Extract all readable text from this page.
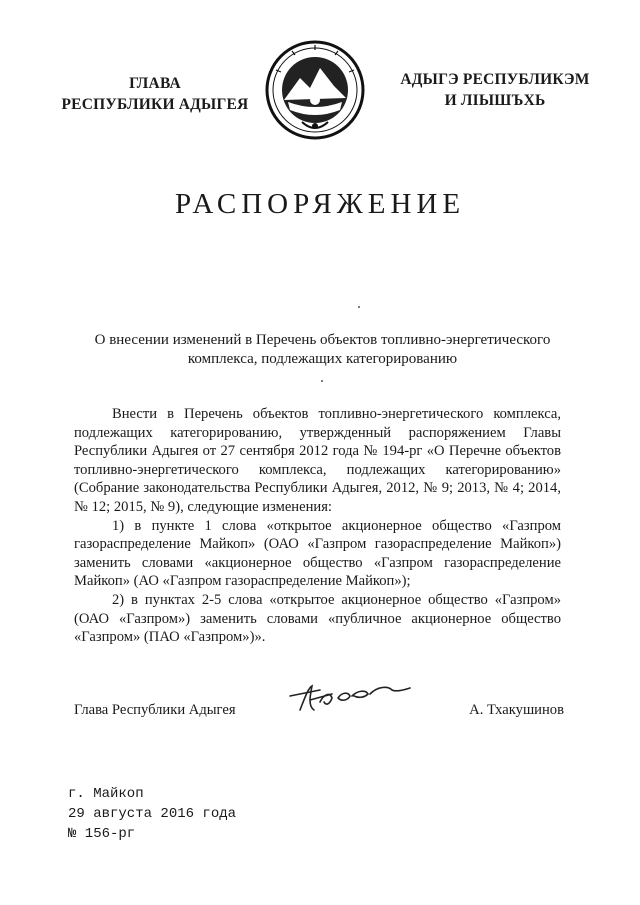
ГЛАВА
РЕСПУБЛИКИ АДЫГЕЯ
АДЫГЭ РЕСПУБЛИКЭМ
И ЛІЫШЪХЬ
РАСПОРЯЖЕНИЕ
О внесении изменений в Перечень объектов топливно-энергетического комплекса, подлежащих категорированию

Внести в Перечень объектов топливно-энергетического комплекса, подлежащих категорированию, утвержденный распоряжением Главы Республики Адыгея от 27 сентября 2012 года № 194-рг «О Перечне объектов топливно-энергетического комплекса, подлежащих категорированию» (Собрание законодательства Республики Адыгея, 2012, № 9; 2013, № 4; 2014, № 12; 2015, № 9), следующие изменения:

1) в пункте 1 слова «открытое акционерное общество «Газпром газораспределение Майкоп» (ОАО «Газпром газораспределение Майкоп») заменить словами «акционерное общество «Газпром газораспределение Майкоп» (АО «Газпром газораспределение Майкоп»);

2) в пунктах 2-5 слова «открытое акционерное общество «Газпром» (ОАО «Газпром») заменить словами «публичное акционерное общество «Газпром» (ПАО «Газпром»)».

Глава Республики Адыгея	А. Тхакушинов
г. Майкоп
29 августа 2016 года
№ 156-рг
